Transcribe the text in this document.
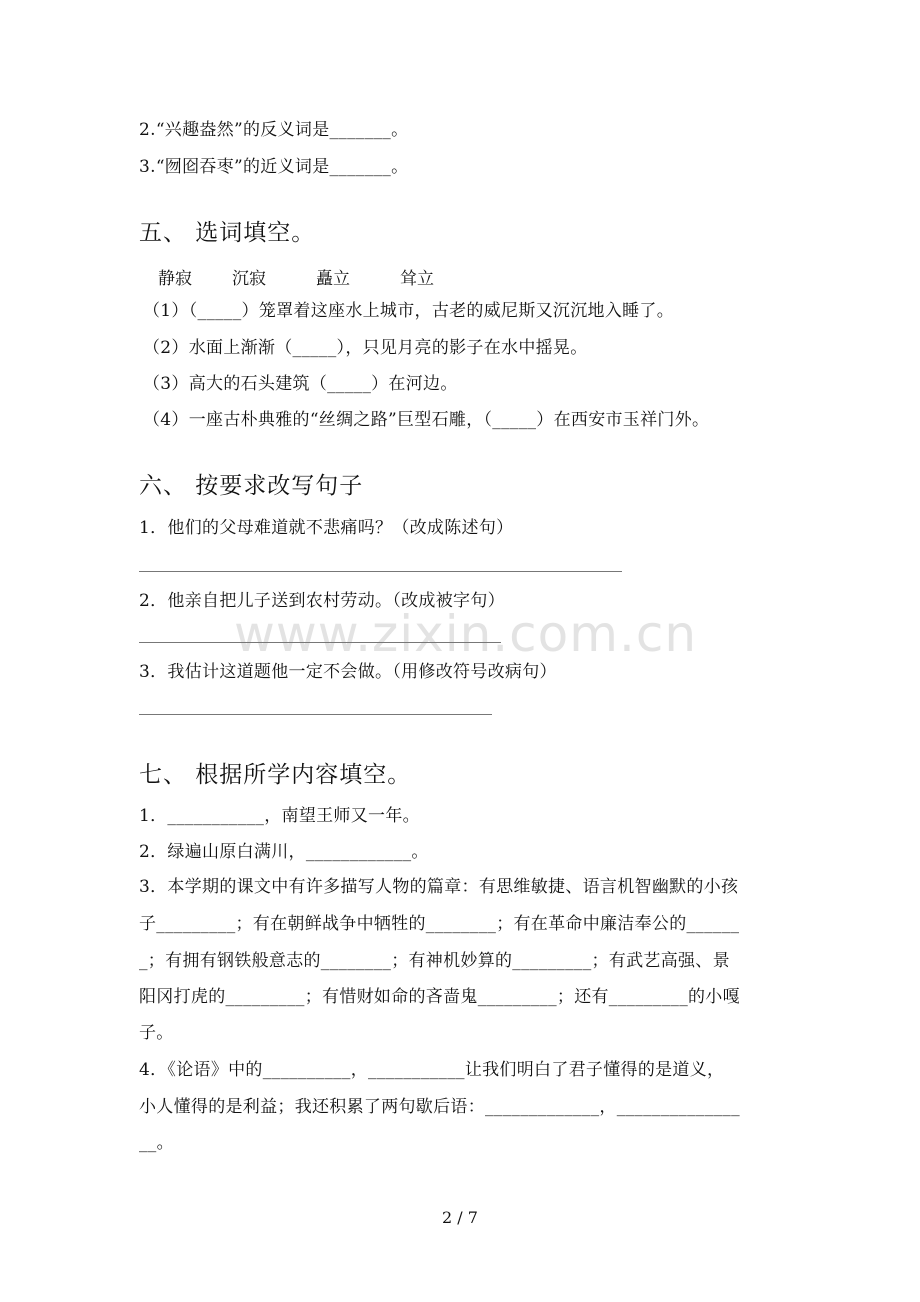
www.zixin.com.cn
2.“兴趣盎然”的反义词是_______。
3.“囫囵吞枣”的近义词是_______。
五、 选词填空。
静寂 沉寂	矗立	耸立
（1）（_____）笼罩着这座水上城市，古老的威尼斯又沉沉地入睡了。
（2）水面上渐渐（_____），只见月亮的影子在水中摇晃。
（3）高大的石头建筑（_____）在河边。
（4）一座古朴典雅的“丝绸之路”巨型石雕，（_____）在西安市玉祥门外。
六、 按要求改写句子
1．他们的父母难道就不悲痛吗？（改成陈述句）
2．他亲自把儿子送到农村劳动。（改成被字句）
3．我估计这道题他一定不会做。（用修改符号改病句）
七、 根据所学内容填空。
1．___________，南望王师又一年。
2．绿遍山原白满川，____________。
3．本学期的课文中有许多描写人物的篇章：有思维敏捷、语言机智幽默的小孩
子_________；有在朝鲜战争中牺牲的________；有在革命中廉洁奉公的______
_；有拥有钢铁般意志的________；有神机妙算的_________；有武艺高强、景
阳冈打虎的_________；有惜财如命的吝啬鬼_________；还有_________的小嘎
子。
4．《论语》中的__________，___________让我们明白了君子懂得的是道义，
小人懂得的是利益；我还积累了两句歇后语：_____________，______________
__。
2 / 7
